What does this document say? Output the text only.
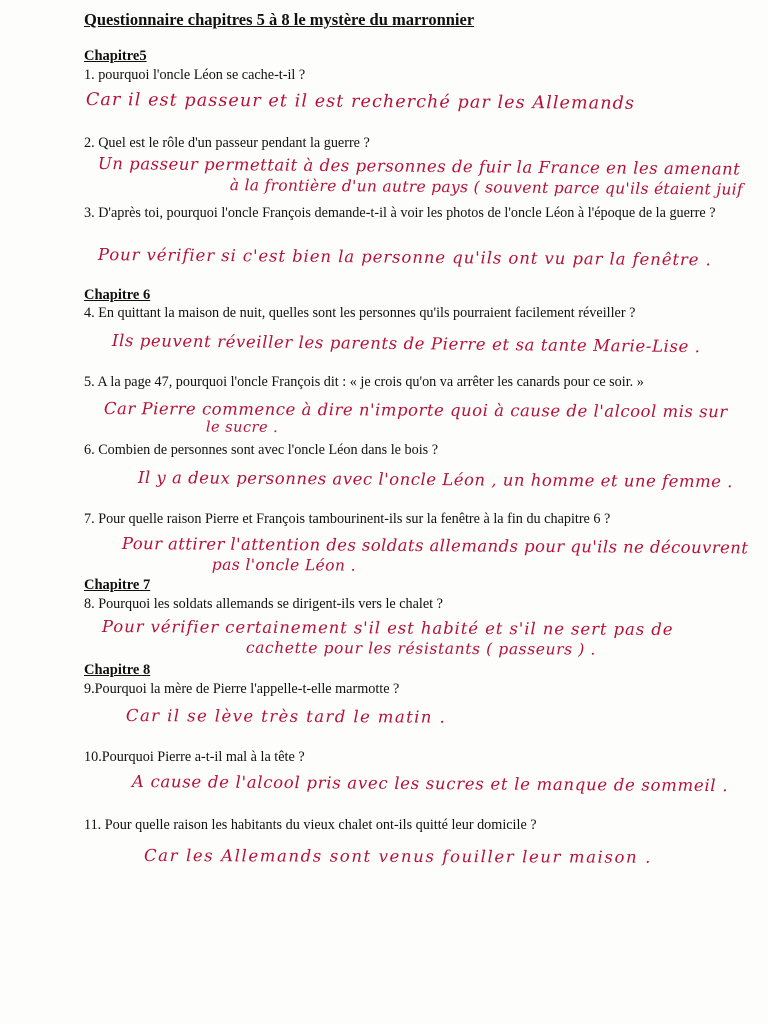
Questionnaire chapitres 5 à 8 le mystère du marronnier
Chapitre5
1. pourquoi l'oncle Léon se cache-t-il ?
Car il est passeur et il est recherché par les Allemands
2. Quel est le rôle d'un passeur pendant la guerre ?
Un passeur permettait à des personnes de fuir la France en les amenant
à la frontière d'un autre pays ( souvent parce qu'ils étaient juif
3. D'après toi, pourquoi l'oncle François demande-t-il à voir les photos de l'oncle Léon à l'époque de la guerre ?
Pour vérifier si c'est bien la personne qu'ils ont vu par la fenêtre .
Chapitre 6
4. En quittant la maison de nuit, quelles sont les personnes qu'ils pourraient facilement réveiller ?
Ils peuvent réveiller les parents de Pierre et sa tante Marie-Lise .
5. A la page 47, pourquoi l'oncle François dit : « je crois qu'on va arrêter les canards pour ce soir. »
Car Pierre commence à dire n'importe quoi à cause de l'alcool mis sur
le sucre .
6. Combien de personnes sont avec l'oncle Léon dans le bois ?
Il y a deux personnes avec l'oncle Léon , un homme et une femme .
7. Pour quelle raison Pierre et François tambourinent-ils sur la fenêtre à la fin du chapitre 6 ?
Pour attirer l'attention des soldats allemands pour qu'ils ne découvrent
pas l'oncle Léon .
Chapitre 7
8. Pourquoi les soldats allemands se dirigent-ils vers le chalet ?
Pour vérifier certainement s'il est habité et s'il ne sert pas de
cachette pour les résistants ( passeurs ) .
Chapitre 8
9.Pourquoi la mère de Pierre l'appelle-t-elle marmotte ?
Car il se lève très tard le matin .
10.Pourquoi Pierre a-t-il mal à la tête ?
A cause de l'alcool pris avec les sucres et le manque de sommeil .
11. Pour quelle raison les habitants du vieux chalet ont-ils quitté leur domicile ?
Car les Allemands sont venus fouiller leur maison .
